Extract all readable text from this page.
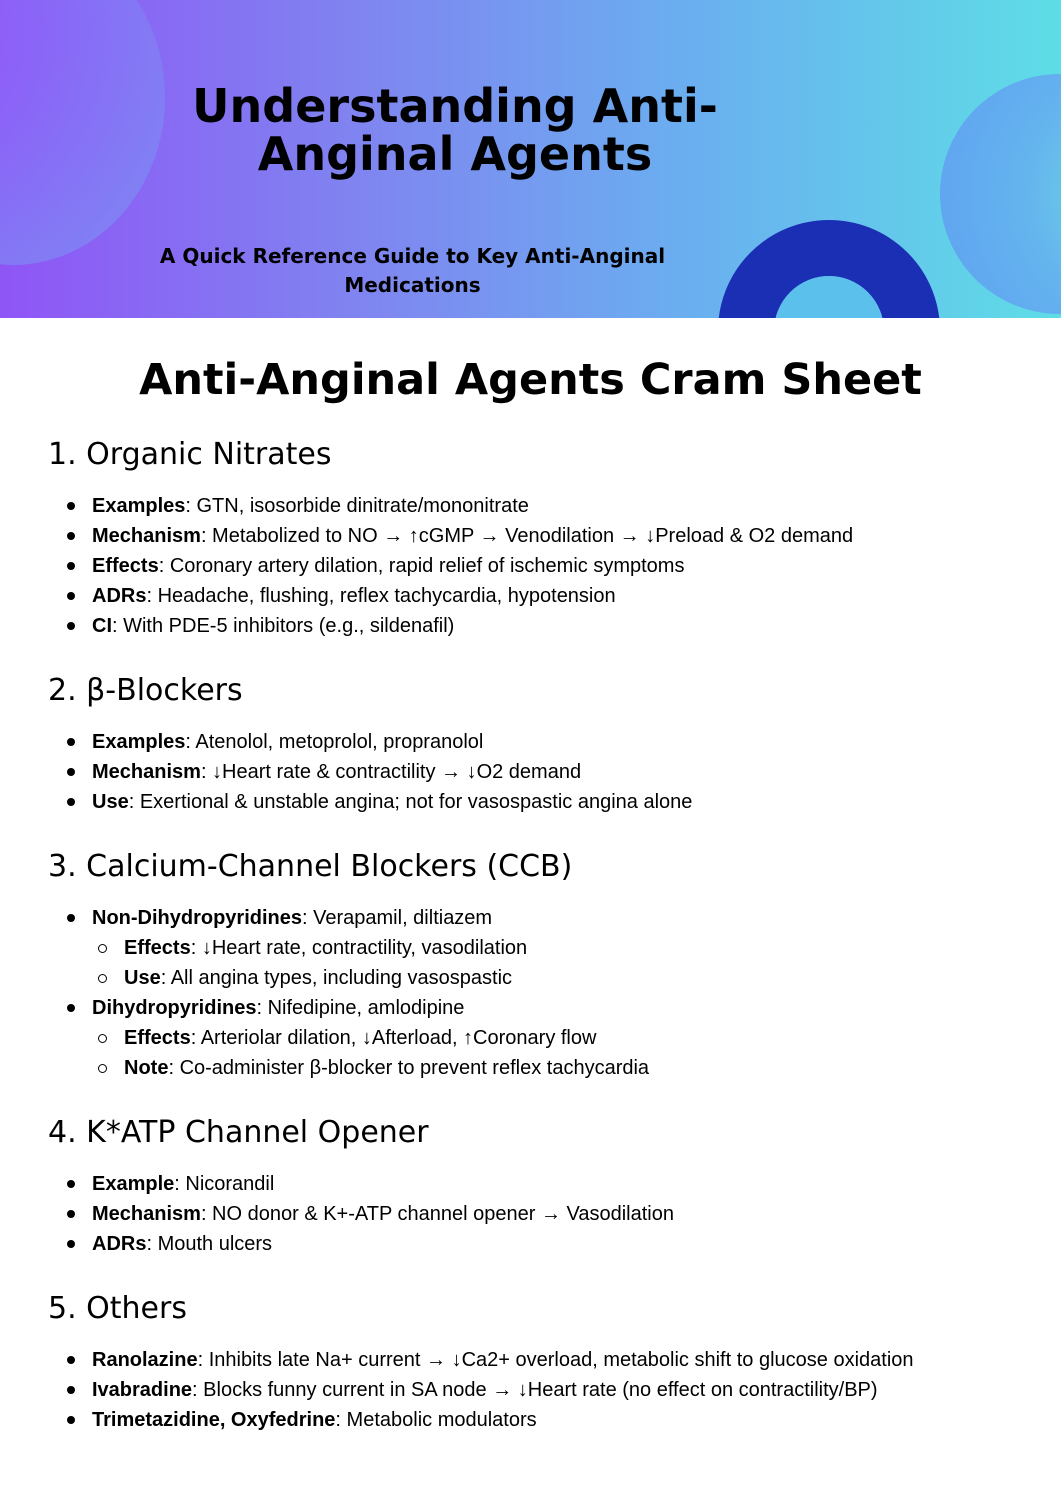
Understanding Anti-Anginal Agents

A Quick Reference Guide to Key Anti-Anginal Medications

Anti-Anginal Agents Cram Sheet
1. Organic Nitrates
Examples: GTN, isosorbide dinitrate/mononitrate
Mechanism: Metabolized to NO → ↑cGMP → Venodilation → ↓Preload & O2 demand
Effects: Coronary artery dilation, rapid relief of ischemic symptoms
ADRs: Headache, flushing, reflex tachycardia, hypotension
CI: With PDE-5 inhibitors (e.g., sildenafil)
2. β-Blockers
Examples: Atenolol, metoprolol, propranolol
Mechanism: ↓Heart rate & contractility → ↓O2 demand
Use: Exertional & unstable angina; not for vasospastic angina alone
3. Calcium-Channel Blockers (CCB)
Non-Dihydropyridines: Verapamil, diltiazem
Effects: ↓Heart rate, contractility, vasodilation
Use: All angina types, including vasospastic
Dihydropyridines: Nifedipine, amlodipine
Effects: Arteriolar dilation, ↓Afterload, ↑Coronary flow
Note: Co-administer β-blocker to prevent reflex tachycardia
4. K*ATP Channel Opener
Example: Nicorandil
Mechanism: NO donor & K+-ATP channel opener → Vasodilation
ADRs: Mouth ulcers
5. Others
Ranolazine: Inhibits late Na+ current → ↓Ca2+ overload, metabolic shift to glucose oxidation
Ivabradine: Blocks funny current in SA node → ↓Heart rate (no effect on contractility/BP)
Trimetazidine, Oxyfedrine: Metabolic modulators
